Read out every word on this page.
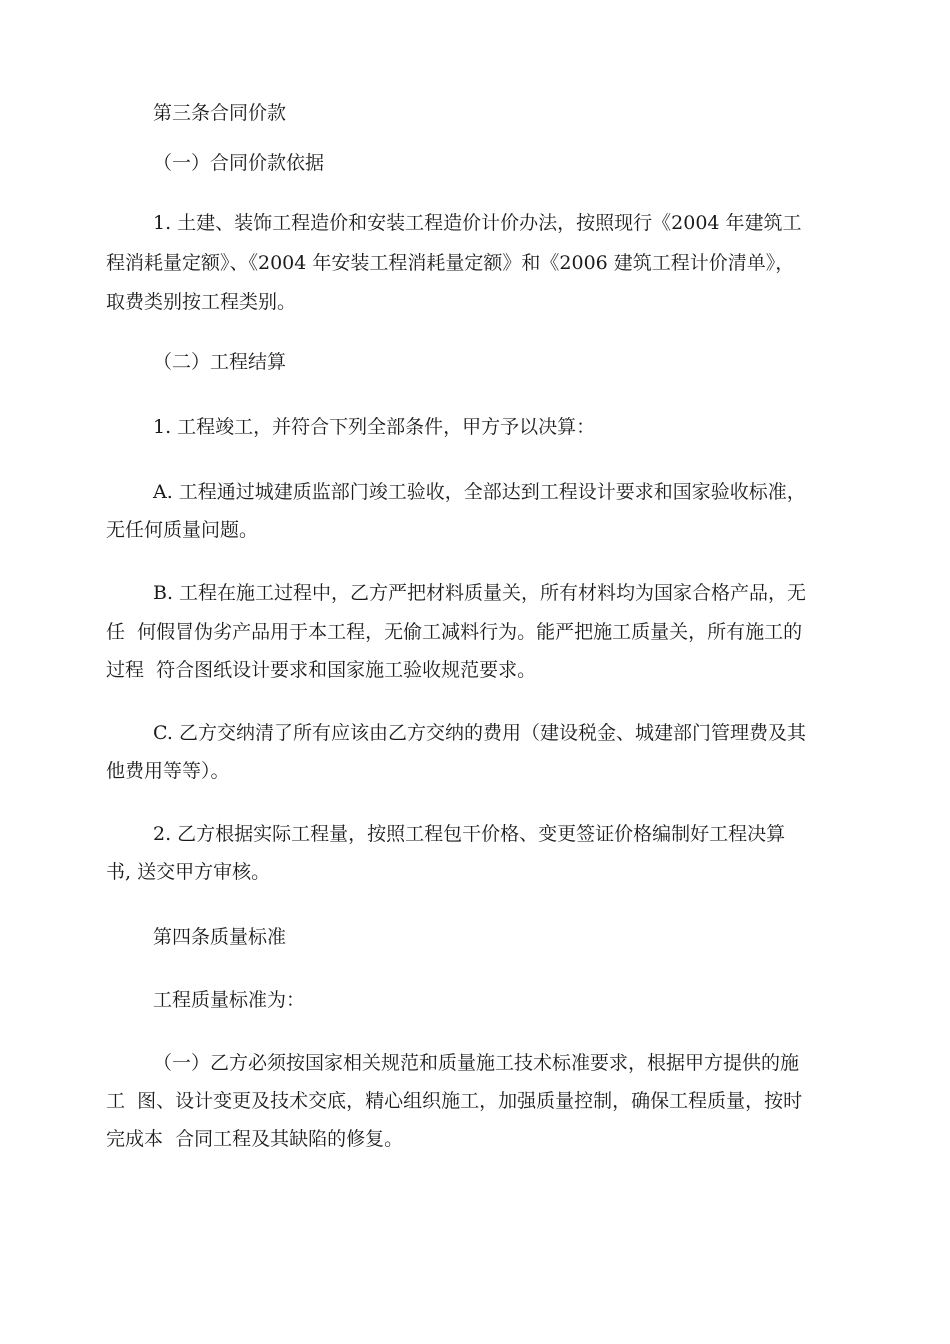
第三条合同价款
（一）合同价款依据
1. 土建、装饰工程造价和安装工程造价计价办法，按照现行《2004 年建筑工
程消耗量定额》、《2004 年安装工程消耗量定额》和《2006 建筑工程计价清单》，
取费类别按工程类别。
（二）工程结算
1. 工程竣工，并符合下列全部条件，甲方予以决算：
A. 工程通过城建质监部门竣工验收，全部达到工程设计要求和国家验收标准，
无任何质量问题。
B. 工程在施工过程中，乙方严把材料质量关，所有材料均为国家合格产品，无
任  何假冒伪劣产品用于本工程，无偷工减料行为。能严把施工质量关，所有施工的
过程  符合图纸设计要求和国家施工验收规范要求。
C. 乙方交纳清了所有应该由乙方交纳的费用（建设税金、城建部门管理费及其
他费用等等）。
2. 乙方根据实际工程量，按照工程包干价格、变更签证价格编制好工程决算
书, 送交甲方审核。
第四条质量标准
工程质量标准为：
（一）乙方必须按国家相关规范和质量施工技术标准要求，根据甲方提供的施
工  图、设计变更及技术交底，精心组织施工，加强质量控制，确保工程质量，按时
完成本  合同工程及其缺陷的修复。
